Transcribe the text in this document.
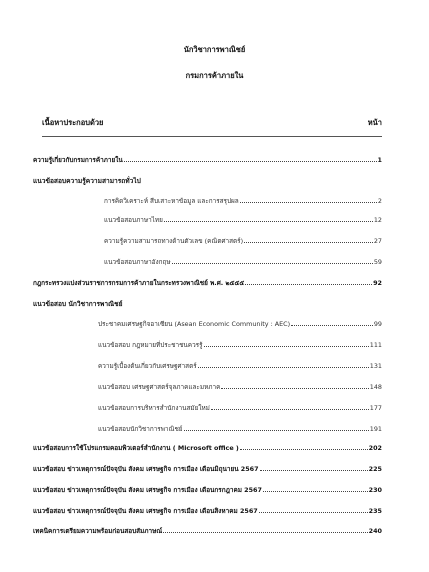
นักวิชาการพาณิชย์
กรมการค้าภายใน
เนื้อหาประกอบด้วย	หน้า
ความรู้เกี่ยวกับกรมการค้าภายใน	1
แนวข้อสอบความรู้ความสามารถทั่วไป
การคิดวิเคราะห์ สืบเสาะหาข้อมูล และการสรุปผล	2
แนวข้อสอบภาษาไทย	12
ความรู้ความสามารถทางด้านตัวเลข (คณิตศาสตร์)	27
แนวข้อสอบภาษาอังกฤษ	59
กฎกระทรวงแบ่งส่วนราชการกรมการค้าภายในกระทรวงพาณิชย์ พ.ศ. ๒๕๕๕	92
แนวข้อสอบ นักวิชาการพาณิชย์
ประชาคมเศรษฐกิจอาเซียน (Asean Economic Community : AEC)	99
แนวข้อสอบ กฎหมายที่ประชาชนควรรู้	111
ความรู้เบื้องต้นเกี่ยวกับเศรษฐศาสตร์	131
แนวข้อสอบ เศรษฐศาสตร์จุลภาคและมหภาค	148
แนวข้อสอบการบริหารสำนักงานสมัยใหม่	177
แนวข้อสอบนักวิชาการพาณิชย์	191
แนวข้อสอบการใช้โปรแกรมคอมพิวเตอร์สำนักงาน ( Microsoft office )	202
แนวข้อสอบ ข่าวเหตุการณ์ปัจจุบัน สังคม เศรษฐกิจ การเมือง เดือนมิถุนายน 2567	225
แนวข้อสอบ ข่าวเหตุการณ์ปัจจุบัน สังคม เศรษฐกิจ การเมือง เดือนกรกฎาคม 2567	230
แนวข้อสอบ ข่าวเหตุการณ์ปัจจุบัน สังคม เศรษฐกิจ การเมือง เดือนสิงหาคม 2567	235
เทคนิคการเตรียมความพร้อมก่อนสอบสัมภาษณ์	240
